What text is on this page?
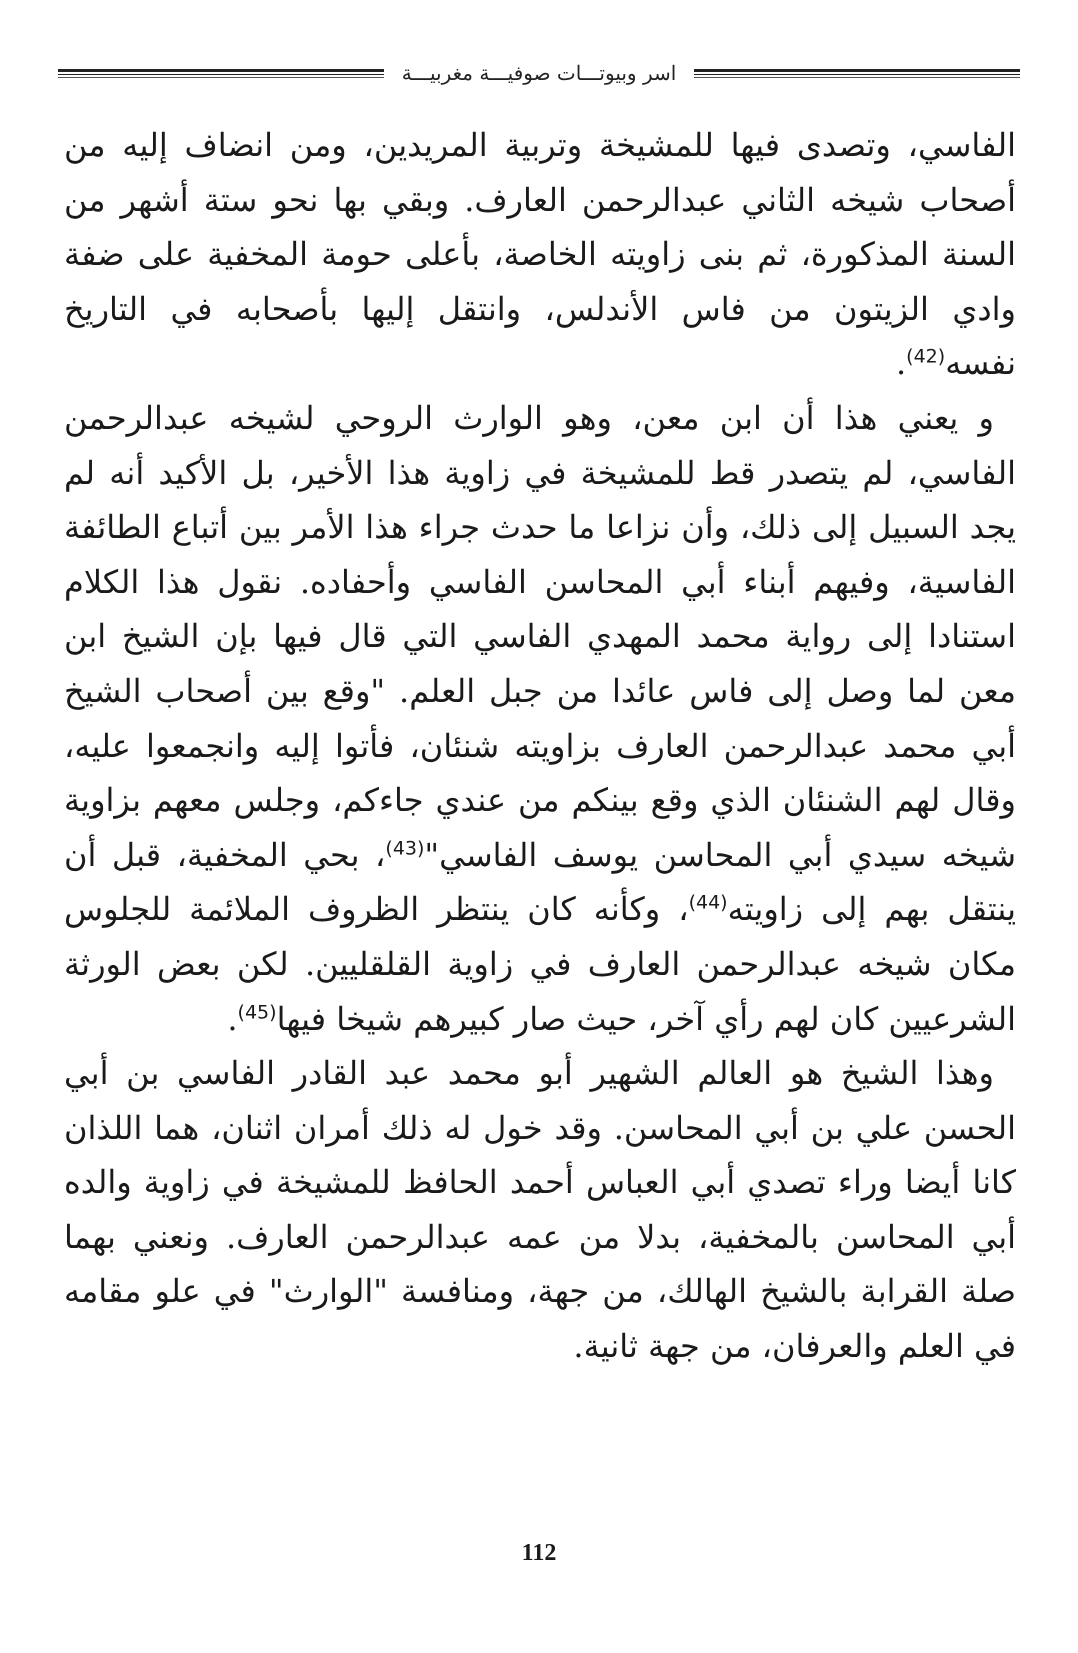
اسر وبيوتـــات صوفيـــة مغربيـــة

الفاسي، وتصدى فيها للمشيخة وتربية المريدين، ومن انضاف إليه من أصحاب شيخه الثاني عبدالرحمن العارف. وبقي بها نحو ستة أشهر من السنة المذكورة، ثم بنى زاويته الخاصة، بأعلى حومة المخفية على ضفة وادي الزيتون من فاس الأندلس، وانتقل إليها بأصحابه في التاريخ نفسه$^{(42)}$.

و يعني هذا أن ابن معن، وهو الوارث الروحي لشيخه عبدالرحمن الفاسي، لم يتصدر قط للمشيخة في زاوية هذا الأخير، بل الأكيد أنه لم يجد السبيل إلى ذلك، وأن نزاعا ما حدث جراء هذا الأمر بين أتباع الطائفة الفاسية، وفيهم أبناء أبي المحاسن الفاسي وأحفاده. نقول هذا الكلام استنادا إلى رواية محمد المهدي الفاسي التي قال فيها بإن الشيخ ابن معن لما وصل إلى فاس عائدا من جبل العلم. "وقع بين أصحاب الشيخ أبي محمد عبدالرحمن العارف بزاويته شنئان، فأتوا إليه وانجمعوا عليه، وقال لهم الشنئان الذي وقع بينكم من عندي جاءكم، وجلس معهم بزاوية شيخه سيدي أبي المحاسن يوسف الفاسي"$^{(43)}$، بحي المخفية، قبل أن ينتقل بهم إلى زاويته$^{(44)}$، وكأنه كان ينتظر الظروف الملائمة للجلوس مكان شيخه عبدالرحمن العارف في زاوية القلقليين. لكن بعض الورثة الشرعيين كان لهم رأي آخر، حيث صار كبيرهم شيخا فيها$^{(45)}$.

وهذا الشيخ هو العالم الشهير أبو محمد عبد القادر الفاسي بن أبي الحسن علي بن أبي المحاسن. وقد خول له ذلك أمران اثنان، هما اللذان كانا أيضا وراء تصدي أبي العباس أحمد الحافظ للمشيخة في زاوية والده أبي المحاسن بالمخفية، بدلا من عمه عبدالرحمن العارف. ونعني بهما صلة القرابة بالشيخ الهالك، من جهة، ومنافسة "الوارث" في علو مقامه في العلم والعرفان، من جهة ثانية.

112
